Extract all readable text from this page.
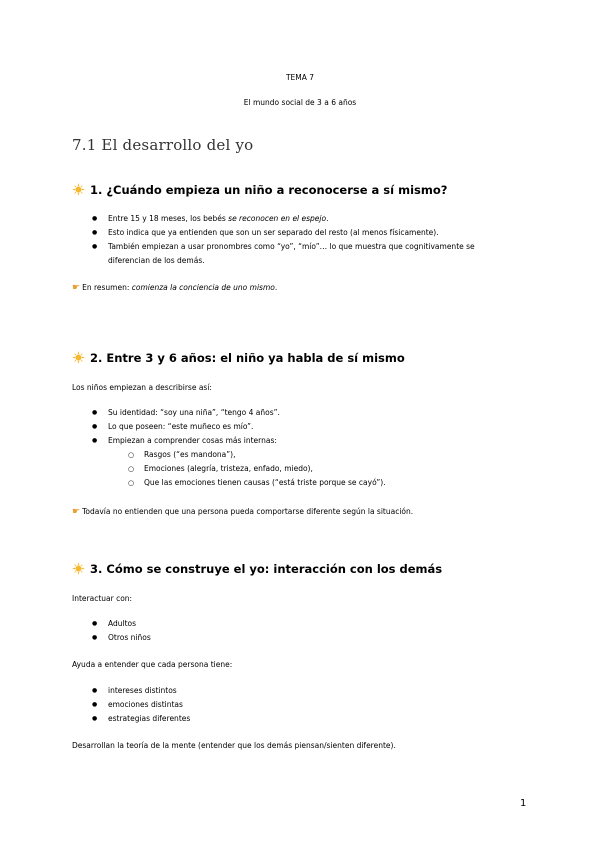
TEMA 7
El mundo social de 3 a 6 años
7.1 El desarrollo del yo
1. ¿Cuándo empieza un niño a reconocerse a sí mismo?
● Entre 15 y 18 meses, los bebés se reconocen en el espejo.
● Esto indica que ya entienden que son un ser separado del resto (al menos físicamente).
● También empiezan a usar pronombres como “yo”, “mío”… lo que muestra que cognitivamente se
diferencian de los demás.
☛ En resumen: comienza la conciencia de uno mismo.
2. Entre 3 y 6 años: el niño ya habla de sí mismo
Los niños empiezan a describirse así:
● Su identidad: “soy una niña”, “tengo 4 años”.
● Lo que poseen: “este muñeco es mío”.
● Empiezan a comprender cosas más internas:
○ Rasgos (“es mandona”),
○ Emociones (alegría, tristeza, enfado, miedo),
○ Que las emociones tienen causas (“está triste porque se cayó”).
☛ Todavía no entienden que una persona pueda comportarse diferente según la situación.
3. Cómo se construye el yo: interacción con los demás
Interactuar con:
● Adultos
● Otros niños
Ayuda a entender que cada persona tiene:
● intereses distintos
● emociones distintas
● estrategias diferentes
Desarrollan la teoría de la mente (entender que los demás piensan/sienten diferente).
1
